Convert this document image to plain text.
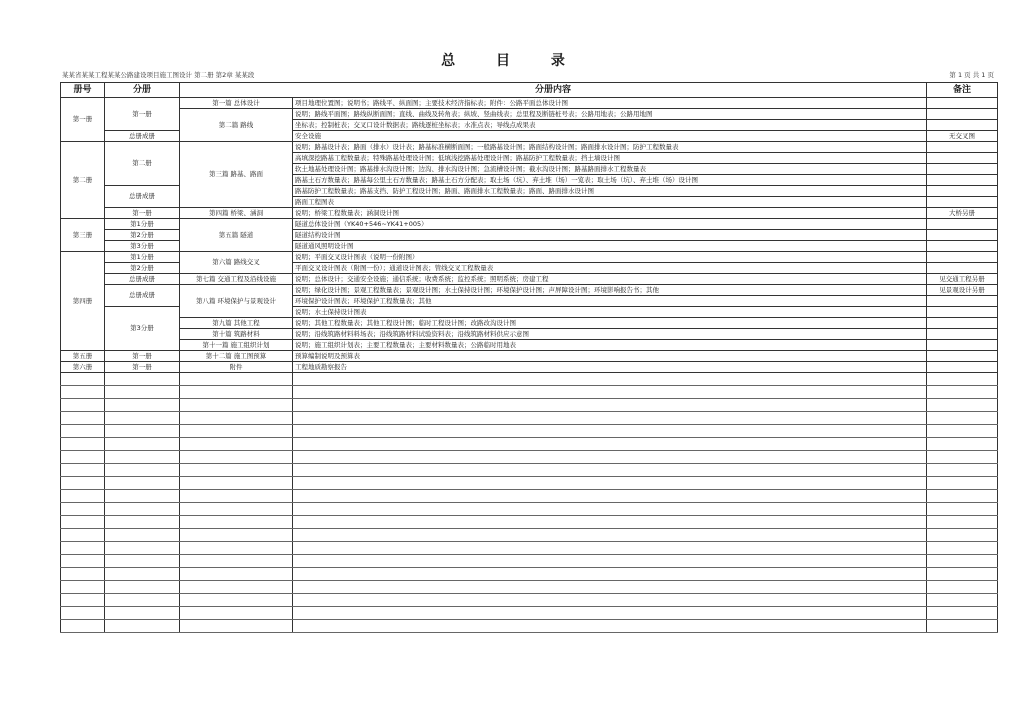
总 目 录
某某省某某工程某某公路建设项目施工图设计 第二册 第2章 某某段	第 1 页 共 1 页
册号	分册	分册内容		备注
第一册	第一册	第一篇 总体设计	项目地理位置图；说明书；路线平、纵面图；主要技术经济指标表；附件：公路平面总体设计图	
		第二篇 路线	说明；路线平面图；路线纵断面图；直线、曲线及转角表；纵坡、竖曲线表；总里程及断链桩号表；公路用地表；公路用地图	
			坐标表；控制桩表；交叉口设计数据表；路线逐桩坐标表；水准点表；导线点成果表	
	总册成册		安全设施	无交叉图
第二册	第二册	第三篇 路基、路面	说明；路基设计表；路面（排水）设计表；路基标准横断面图；一般路基设计图；路面结构设计图；路面排水设计图；防护工程数量表	
			高填深挖路基工程数量表；特殊路基处理设计图；低填浅挖路基处理设计图；路基防护工程数量表；挡土墙设计图	
			软土地基处理设计图；路基排水沟设计图；边沟、排水沟设计图；急流槽设计图；截水沟设计图；路基路面排水工程数量表	
			路基土石方数量表；路基每公里土石方数量表；路基土石方分配表；取土场（坑）、弃土堆（场）一览表；取土场（坑）、弃土堆（场）设计图	
	总册成册		路基防护工程数量表；路基支挡、防护工程设计图；路面、路面排水工程数量表；路面、路面排水设计图	
			路面工程图表	
	第一册	第四篇 桥梁、涵洞	说明；桥梁工程数量表；涵洞设计图	大桥另册
第三册	第1分册	第五篇 隧道	隧道总体设计图（YK40+546~YK41+005）	
	第2分册		隧道结构设计图	
	第3分册		隧道通风照明设计图	
第四册	第1分册	第六篇 路线交叉	说明；平面交叉设计图表（说明一份附图）	
	第2分册		平面交叉设计图表（附图一份）；通道设计图表；管线交叉工程数量表	
	总册成册	第七篇 交通工程及沿线设施	说明；总体设计；交通安全设施；通信系统；收费系统；监控系统；照明系统；房建工程	见交通工程另册
	总册成册	第八篇 环境保护与景观设计	说明；绿化设计图；景观工程数量表；景观设计图；水土保持设计图；环境保护设计图；声屏障设计图；环境影响报告书；其他	见景观设计另册
			环境保护设计图表；环境保护工程数量表；其他	
	第3分册		说明；水土保持设计图表	
		第九篇 其他工程	说明；其他工程数量表；其他工程设计图；临时工程设计图；改路改沟设计图	
		第十篇 筑路材料	说明；沿线筑路材料料场表；沿线筑路材料试验资料表；沿线筑路材料供应示意图	
		第十一篇 施工组织计划	说明；施工组织计划表；主要工程数量表；主要材料数量表；公路临时用地表	
第五册	第一册	第十二篇 施工图预算	预算编制说明及预算表	
第六册	第一册	附件	工程地质勘察报告	
